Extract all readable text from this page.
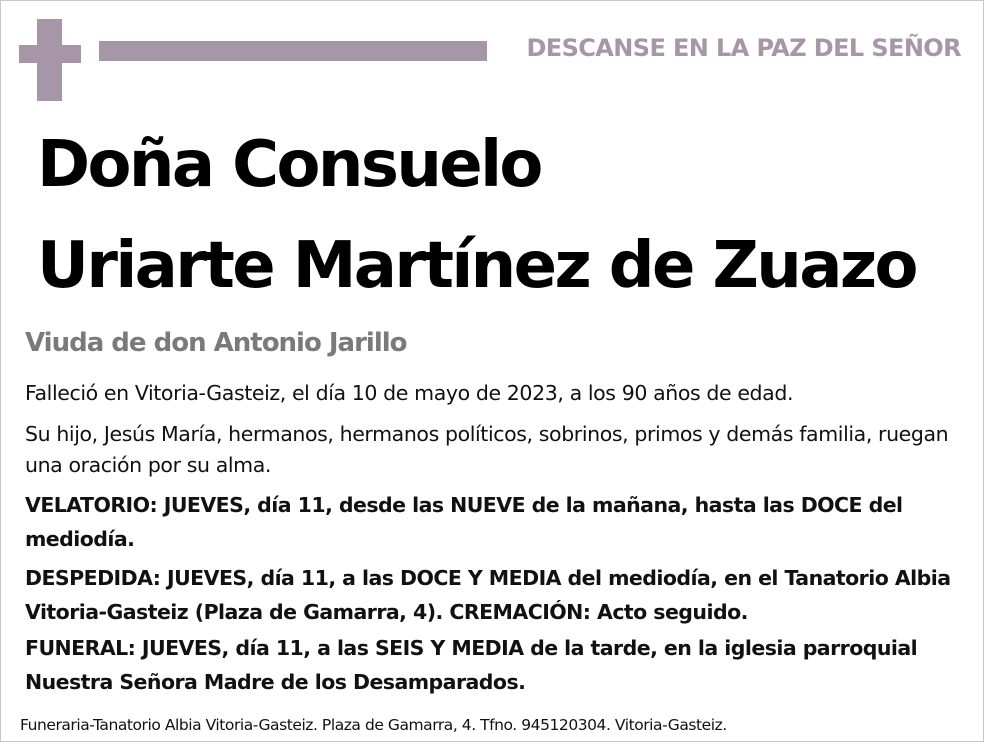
DESCANSE EN LA PAZ DEL SEÑOR
Doña Consuelo
Uriarte Martínez de Zuazo
Viuda de don Antonio Jarillo
Falleció en Vitoria-Gasteiz, el día 10 de mayo de 2023, a los 90 años de edad.
Su hijo, Jesús María, hermanos, hermanos políticos, sobrinos, primos y demás familia, ruegan una oración por su alma.
VELATORIO: JUEVES, día 11, desde las NUEVE de la mañana, hasta las DOCE del mediodía.
DESPEDIDA: JUEVES, día 11, a las DOCE Y MEDIA del mediodía, en el Tanatorio Albia Vitoria-Gasteiz (Plaza de Gamarra, 4). CREMACIÓN: Acto seguido.
FUNERAL: JUEVES, día 11, a las SEIS Y MEDIA de la tarde, en la iglesia parroquial Nuestra Señora Madre de los Desamparados.
Funeraria-Tanatorio Albia Vitoria-Gasteiz. Plaza de Gamarra, 4. Tfno. 945120304. Vitoria-Gasteiz.
